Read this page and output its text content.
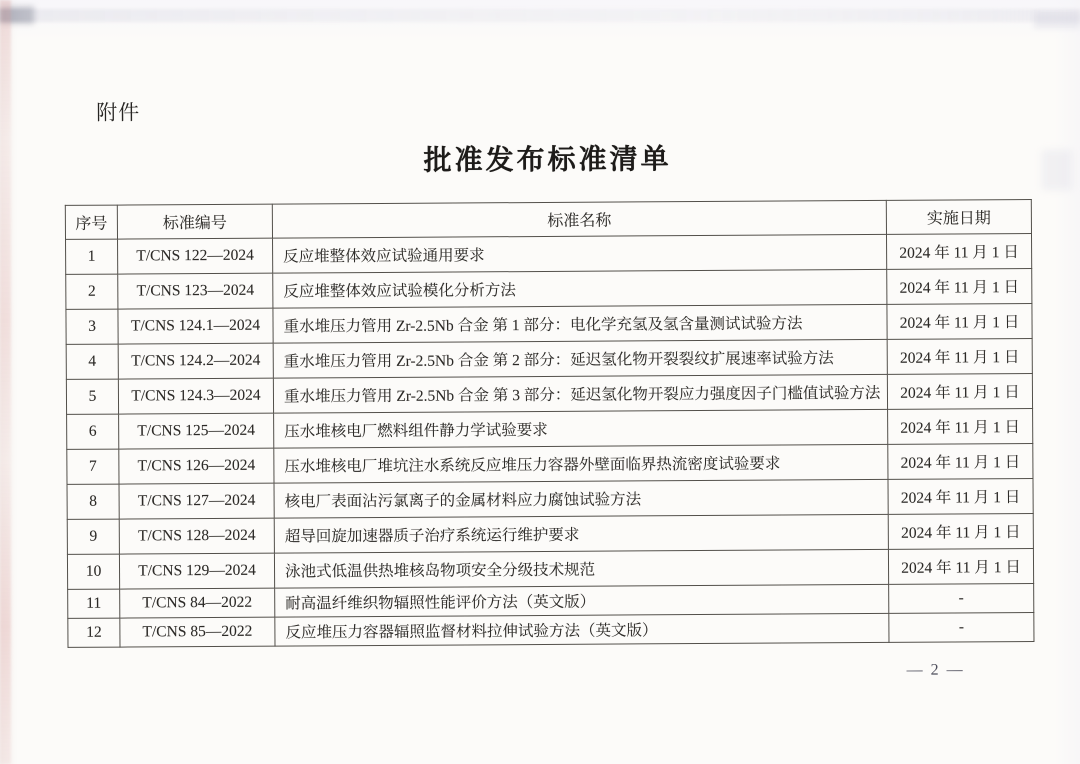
附件
批准发布标准清单
序号	标准编号	标准名称	实施日期
1	T/CNS 122—2024	反应堆整体效应试验通用要求	2024 年 11 月 1 日
2	T/CNS 123—2024	反应堆整体效应试验模化分析方法	2024 年 11 月 1 日
3	T/CNS 124.1—2024	重水堆压力管用 Zr-2.5Nb 合金 第 1 部分：电化学充氢及氢含量测试试验方法	2024 年 11 月 1 日
4	T/CNS 124.2—2024	重水堆压力管用 Zr-2.5Nb 合金 第 2 部分：延迟氢化物开裂裂纹扩展速率试验方法	2024 年 11 月 1 日
5	T/CNS 124.3—2024	重水堆压力管用 Zr-2.5Nb 合金 第 3 部分：延迟氢化物开裂应力强度因子门槛值试验方法	2024 年 11 月 1 日
6	T/CNS 125—2024	压水堆核电厂燃料组件静力学试验要求	2024 年 11 月 1 日
7	T/CNS 126—2024	压水堆核电厂堆坑注水系统反应堆压力容器外壁面临界热流密度试验要求	2024 年 11 月 1 日
8	T/CNS 127—2024	核电厂表面沾污氯离子的金属材料应力腐蚀试验方法	2024 年 11 月 1 日
9	T/CNS 128—2024	超导回旋加速器质子治疗系统运行维护要求	2024 年 11 月 1 日
10	T/CNS 129—2024	泳池式低温供热堆核岛物项安全分级技术规范	2024 年 11 月 1 日
11	T/CNS 84—2022	耐高温纤维织物辐照性能评价方法（英文版）	-
12	T/CNS 85—2022	反应堆压力容器辐照监督材料拉伸试验方法（英文版）	-
— 2 —
